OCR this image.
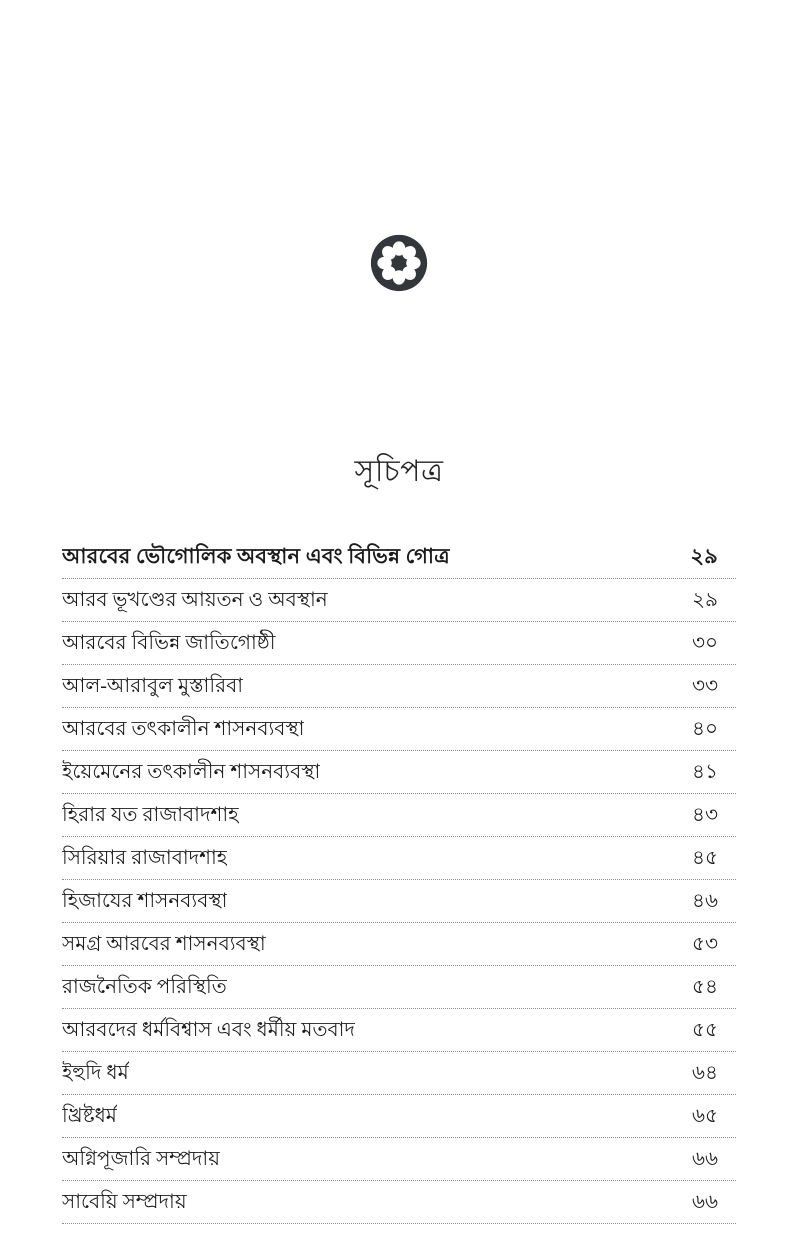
সূচিপত্র
আরবের ভৌগোলিক অবস্থান এবং বিভিন্ন গোত্র	২৯
আরব ভূখণ্ডের আয়তন ও অবস্থান	২৯
আরবের বিভিন্ন জাতিগোষ্ঠী	৩০
আল-আরাবুল মুস্তারিবা	৩৩
আরবের তৎকালীন শাসনব্যবস্থা	৪০
ইয়েমেনের তৎকালীন শাসনব্যবস্থা	৪১
হিরার যত রাজাবাদশাহ	৪৩
সিরিয়ার রাজাবাদশাহ	৪৫
হিজাযের শাসনব্যবস্থা	৪৬
সমগ্র আরবের শাসনব্যবস্থা	৫৩
রাজনৈতিক পরিস্থিতি	৫৪
আরবদের ধর্মবিশ্বাস এবং ধর্মীয় মতবাদ	৫৫
ইহুদি ধর্ম	৬৪
খ্রিষ্টধর্ম	৬৫
অগ্নিপূজারি সম্প্রদায়	৬৬
সাবেয়ি সম্প্রদায়	৬৬
